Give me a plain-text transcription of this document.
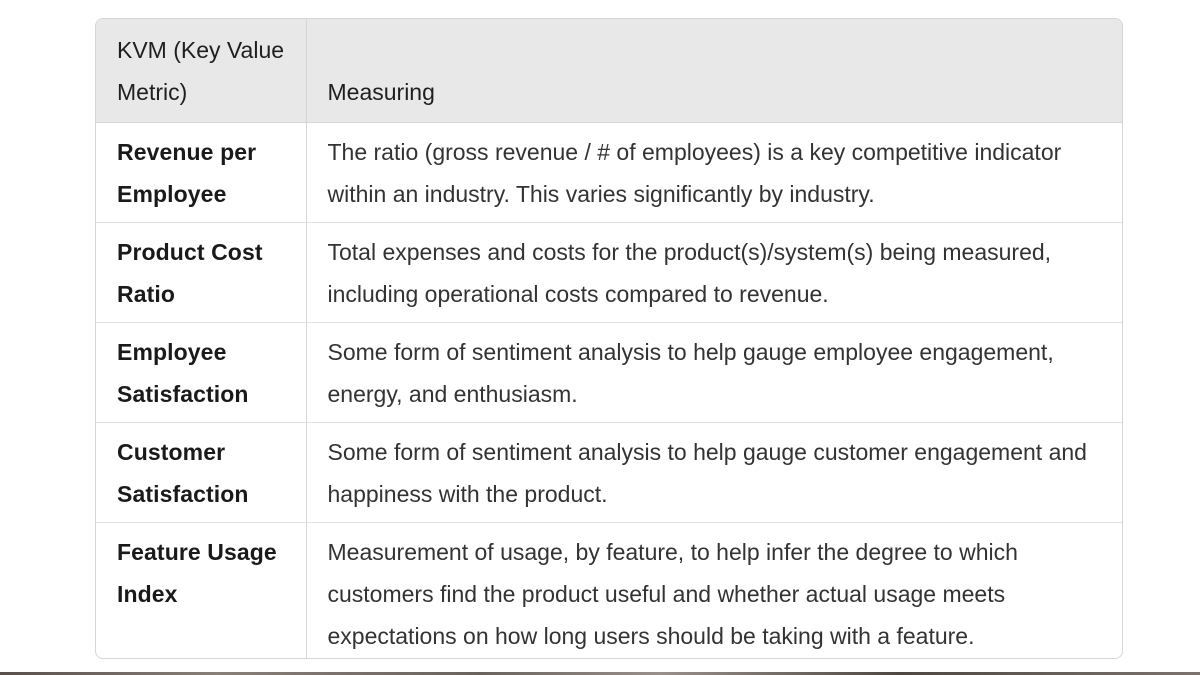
KVM (Key Value Metric)	Measuring
Revenue per Employee	The ratio (gross revenue / # of employees) is a key competitive indicator within an industry. This varies significantly by industry.
Product Cost Ratio	Total expenses and costs for the product(s)/system(s) being measured, including operational costs compared to revenue.
Employee Satisfaction	Some form of sentiment analysis to help gauge employee engagement, energy, and enthusiasm.
Customer Satisfaction	Some form of sentiment analysis to help gauge customer engagement and happiness with the product.
Feature Usage Index	Measurement of usage, by feature, to help infer the degree to which customers find the product useful and whether actual usage meets expectations on how long users should be taking with a feature.
